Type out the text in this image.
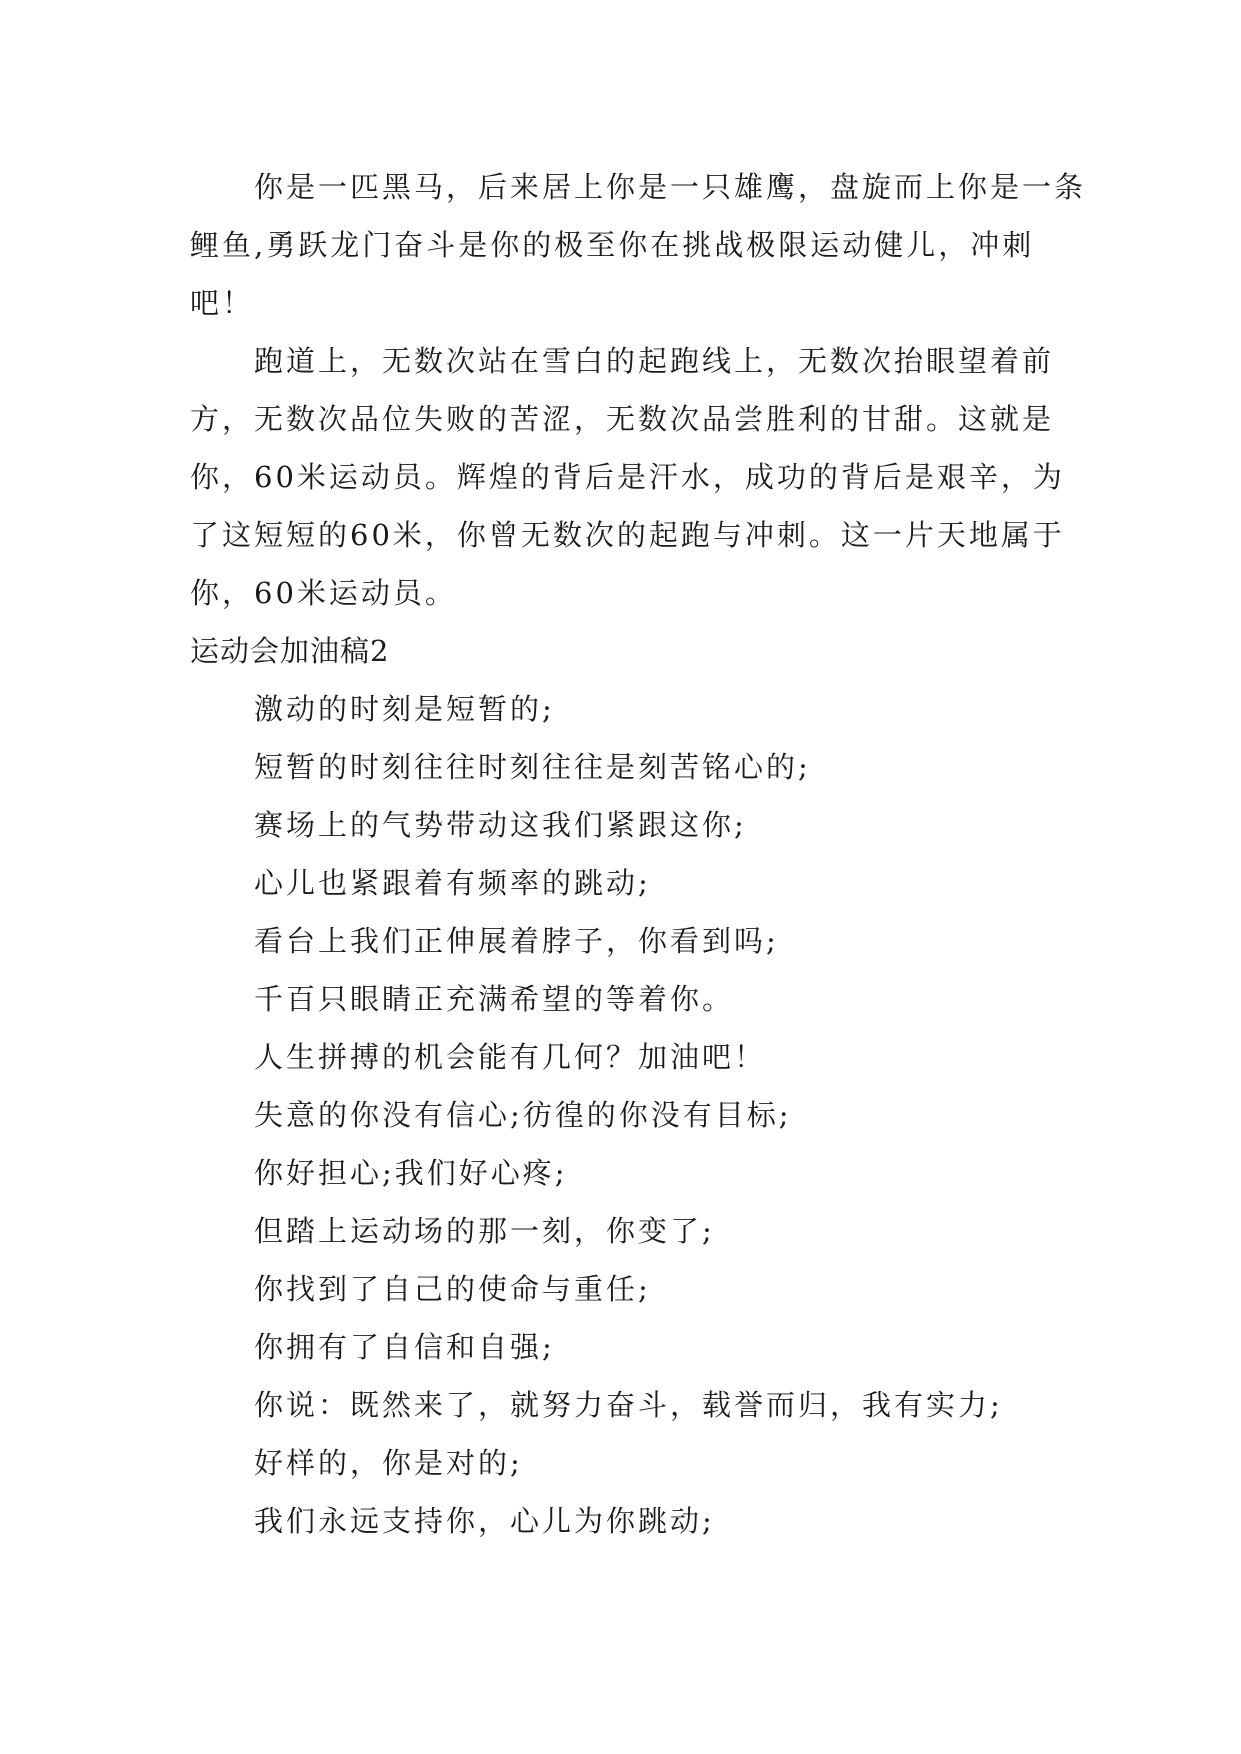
你是一匹黑马，后来居上你是一只雄鹰，盘旋而上你是一条鲤鱼,勇跃龙门奋斗是你的极至你在挑战极限运动健儿，冲刺吧！

跑道上，无数次站在雪白的起跑线上，无数次抬眼望着前方，无数次品位失败的苦涩，无数次品尝胜利的甘甜。这就是你，60米运动员。辉煌的背后是汗水，成功的背后是艰辛，为了这短短的60米，你曾无数次的起跑与冲刺。这一片天地属于你，60米运动员。

运动会加油稿2

激动的时刻是短暂的;

短暂的时刻往往时刻往往是刻苦铭心的;

赛场上的气势带动这我们紧跟这你;

心儿也紧跟着有频率的跳动;

看台上我们正伸展着脖子，你看到吗;

千百只眼睛正充满希望的等着你。

人生拼搏的机会能有几何？加油吧！

失意的你没有信心;彷徨的你没有目标;

你好担心;我们好心疼;

但踏上运动场的那一刻，你变了;

你找到了自己的使命与重任;

你拥有了自信和自强;

你说：既然来了，就努力奋斗，载誉而归，我有实力;

好样的，你是对的;

我们永远支持你，心儿为你跳动;
